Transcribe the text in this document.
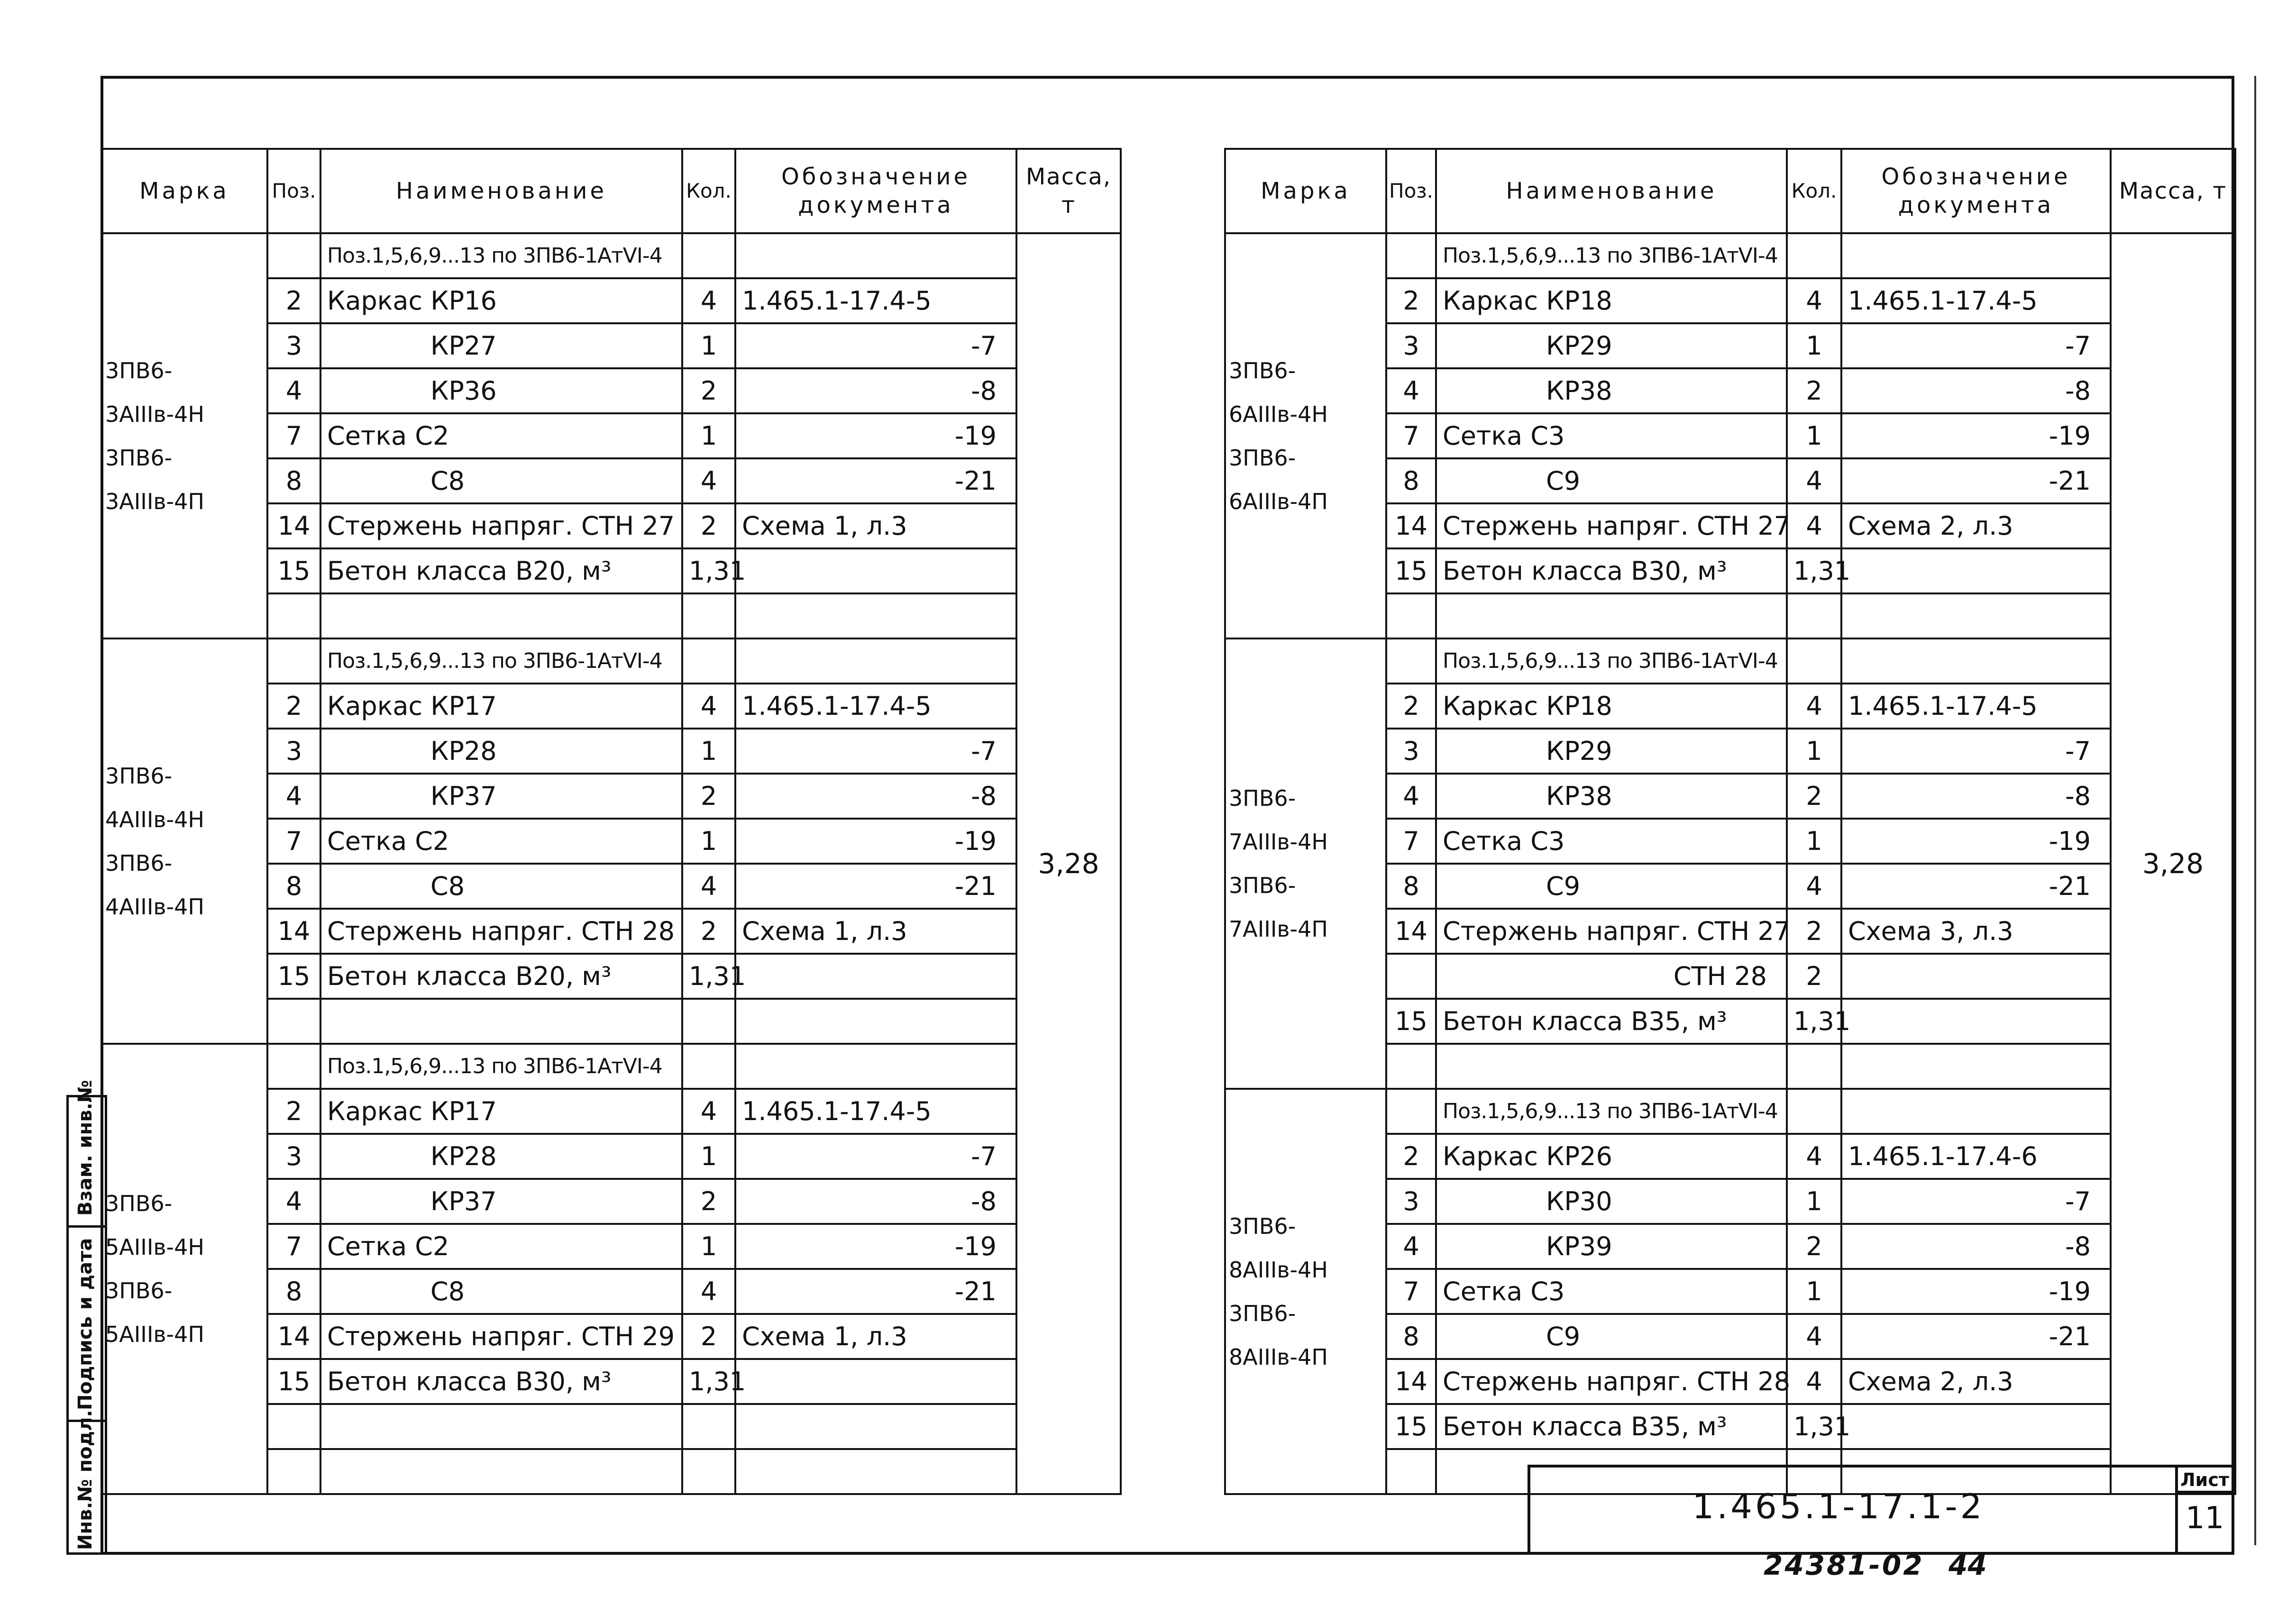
Марка	Поз.	Наименование	Кол.	Обозначение документа	Масса, т
3ПВ6-3АIIIв-4Н
3ПВ6-3АIIIв-4П		Поз.1,5,6,9...13 по 3ПВ6-1АтVI-4			3,28
	2	Каркас КР16	4	1.465.1-17.4-5	
	3	КР27	1	-7	
	4	КР36	2	-8	
	7	Сетка С2	1	-19	
	8	С8	4	-21	
	14	Стержень напряг. СТН 27	2	Схема 1, л.3	
	15	Бетон класса В20, м³	1,31		

3ПВ6-4АIIIв-4Н
3ПВ6-4АIIIв-4П		Поз.1,5,6,9...13 по 3ПВ6-1АтVI-4			
	2	Каркас КР17	4	1.465.1-17.4-5	
	3	КР28	1	-7	
	4	КР37	2	-8	
	7	Сетка С2	1	-19	
	8	С8	4	-21	
	14	Стержень напряг. СТН 28	2	Схема 1, л.3	
	15	Бетон класса В20, м³	1,31		

3ПВ6-5АIIIв-4Н
3ПВ6-5АIIIв-4П		Поз.1,5,6,9...13 по 3ПВ6-1АтVI-4			
	2	Каркас КР17	4	1.465.1-17.4-5	
	3	КР28	1	-7	
	4	КР37	2	-8	
	7	Сетка С2	1	-19	
	8	С8	4	-21	
	14	Стержень напряг. СТН 29	2	Схема 1, л.3	
	15	Бетон класса В30, м³	1,31		

Марка	Поз.	Наименование	Кол.	Обозначение документа	Масса, т
3ПВ6-6АIIIв-4Н
3ПВ6-6АIIIв-4П		Поз.1,5,6,9...13 по 3ПВ6-1АтVI-4			3,28
	2	Каркас КР18	4	1.465.1-17.4-5	
	3	КР29	1	-7	
	4	КР38	2	-8	
	7	Сетка С3	1	-19	
	8	С9	4	-21	
	14	Стержень напряг. СТН 27	4	Схема 2, л.3	
	15	Бетон класса В30, м³	1,31		

3ПВ6-7АIIIв-4Н
3ПВ6-7АIIIв-4П		Поз.1,5,6,9...13 по 3ПВ6-1АтVI-4			
	2	Каркас КР18	4	1.465.1-17.4-5	
	3	КР29	1	-7	
	4	КР38	2	-8	
	7	Сетка С3	1	-19	
	8	С9	4	-21	
	14	Стержень напряг. СТН 27	2	Схема 3, л.3	
		СТН 28	2		
	15	Бетон класса В35, м³	1,31		

3ПВ6-8АIIIв-4Н
3ПВ6-8АIIIв-4П		Поз.1,5,6,9...13 по 3ПВ6-1АтVI-4			
	2	Каркас КР26	4	1.465.1-17.4-6	
	3	КР30	1	-7	
	4	КР39	2	-8	
	7	Сетка С3	1	-19	
	8	С9	4	-21	
	14	Стержень напряг. СТН 28	4	Схема 2, л.3	
	15	Бетон класса В35, м³	1,31		

Инв.№ подл.
Подпись и дата
Взам. инв.№
1.465.1-17.1-2
Лист
11
24381-02 44
